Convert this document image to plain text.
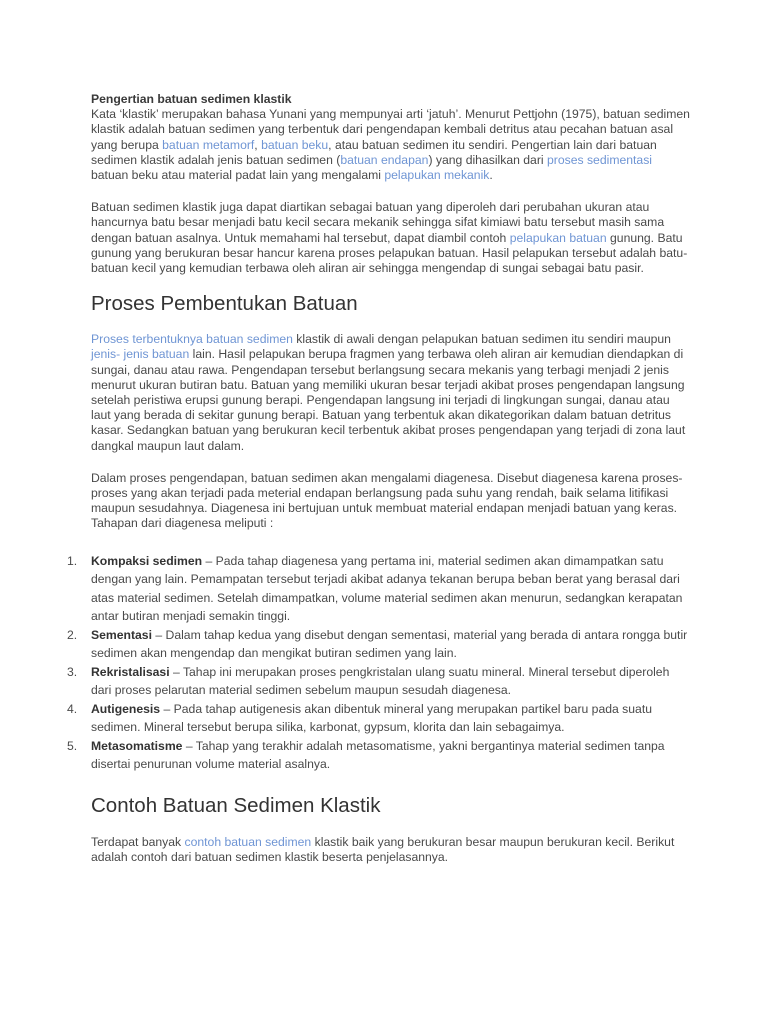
Pengertian batuan sedimen klastik

Kata ‘klastik’ merupakan bahasa Yunani yang mempunyai arti ‘jatuh’. Menurut Pettjohn (1975), batuan sedimen klastik adalah batuan sedimen yang terbentuk dari pengendapan kembali detritus atau pecahan batuan asal yang berupa batuan metamorf, batuan beku, atau batuan sedimen itu sendiri. Pengertian lain dari batuan sedimen klastik adalah jenis batuan sedimen (batuan endapan) yang dihasilkan dari proses sedimentasi batuan beku atau material padat lain yang mengalami pelapukan mekanik.

Batuan sedimen klastik juga dapat diartikan sebagai batuan yang diperoleh dari perubahan ukuran atau hancurnya batu besar menjadi batu kecil secara mekanik sehingga sifat kimiawi batu tersebut masih sama dengan batuan asalnya. Untuk memahami hal tersebut, dapat diambil contoh pelapukan batuan gunung. Batu gunung yang berukuran besar hancur karena proses pelapukan batuan. Hasil pelapukan tersebut adalah batu- batuan kecil yang kemudian terbawa oleh aliran air sehingga mengendap di sungai sebagai batu pasir.

Proses Pembentukan Batuan

Proses terbentuknya batuan sedimen klastik di awali dengan pelapukan batuan sedimen itu sendiri maupun jenis- jenis batuan lain. Hasil pelapukan berupa fragmen yang terbawa oleh aliran air kemudian diendapkan di sungai, danau atau rawa. Pengendapan tersebut berlangsung secara mekanis yang terbagi menjadi 2 jenis menurut ukuran butiran batu. Batuan yang memiliki ukuran besar terjadi akibat proses pengendapan langsung setelah peristiwa erupsi gunung berapi. Pengendapan langsung ini terjadi di lingkungan sungai, danau atau laut yang berada di sekitar gunung berapi. Batuan yang terbentuk akan dikategorikan dalam batuan detritus kasar. Sedangkan batuan yang berukuran kecil terbentuk akibat proses pengendapan yang terjadi di zona laut dangkal maupun laut dalam.

Dalam proses pengendapan, batuan sedimen akan mengalami diagenesa. Disebut diagenesa karena proses- proses yang akan terjadi pada meterial endapan berlangsung pada suhu yang rendah, baik selama litifikasi maupun sesudahnya. Diagenesa ini bertujuan untuk membuat material endapan menjadi batuan yang keras. Tahapan dari diagenesa meliputi :

1. Kompaksi sedimen – Pada tahap diagenesa yang pertama ini, material sedimen akan dimampatkan satu dengan yang lain. Pemampatan tersebut terjadi akibat adanya tekanan berupa beban berat yang berasal dari atas material sedimen. Setelah dimampatkan, volume material sedimen akan menurun, sedangkan kerapatan antar butiran menjadi semakin tinggi.
2. Sementasi – Dalam tahap kedua yang disebut dengan sementasi, material yang berada di antara rongga butir sedimen akan mengendap dan mengikat butiran sedimen yang lain.
3. Rekristalisasi – Tahap ini merupakan proses pengkristalan ulang suatu mineral. Mineral tersebut diperoleh dari proses pelarutan material sedimen sebelum maupun sesudah diagenesa.
4. Autigenesis – Pada tahap autigenesis akan dibentuk mineral yang merupakan partikel baru pada suatu sedimen. Mineral tersebut berupa silika, karbonat, gypsum, klorita dan lain sebagaimya.
5. Metasomatisme – Tahap yang terakhir adalah metasomatisme, yakni bergantinya material sedimen tanpa disertai penurunan volume material asalnya.
Contoh Batuan Sedimen Klastik

Terdapat banyak contoh batuan sedimen klastik baik yang berukuran besar maupun berukuran kecil. Berikut adalah contoh dari batuan sedimen klastik beserta penjelasannya.
